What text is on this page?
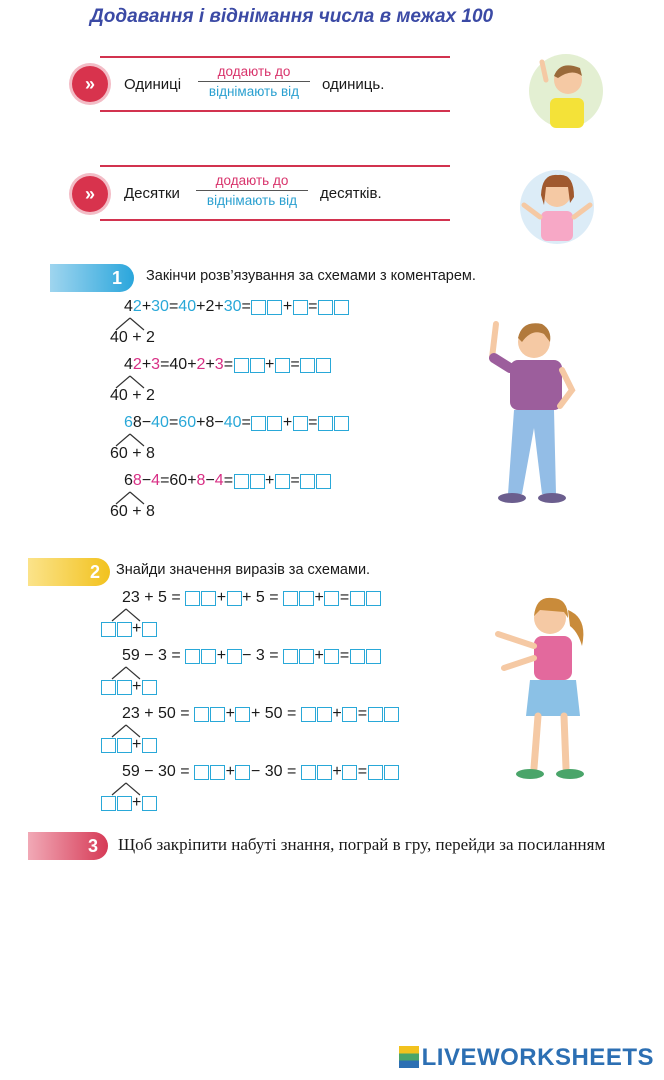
Додавання і віднімання числа в межах 100
»	Одиниці
додають до
віднімають від	одиниць.
»	Десятки
додають до
віднімають від	десятків.
1 Закінчи розв’язування за схемами з коментарем.
42 + 30 = 40 + 2 + 30 = + =
40 + 2
42 + 3 = 40 + 2 + 3 = + =
40 + 2
68 − 40 = 60 + 8 − 40 = + =
60 + 8
68 − 4 = 60 + 8 − 4 = + =
60 + 8
2 Знайди значення виразів за схемами.
23 + 5 = + + 5 = + =
+
59 − 3 = + − 3 = + =
+
23 + 50 = + + 50 = + =
+
59 − 30 = + − 30 = + =
+
3 Щоб закріпити набуті знання, пограй в гру, перейди за посиланням
LIVEWORKSHEETS
